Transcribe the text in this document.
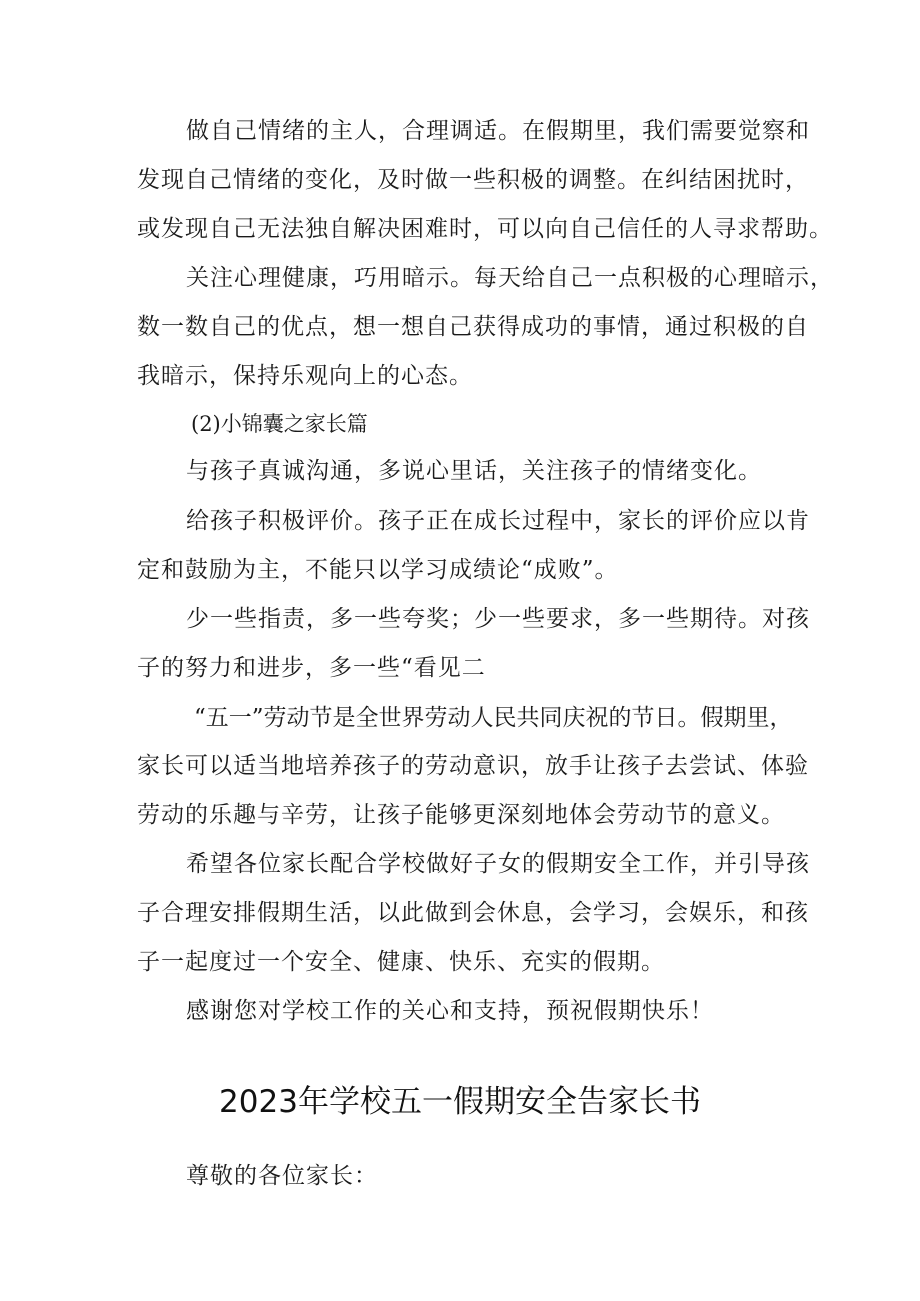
做自己情绪的主人，合理调适。在假期里，我们需要觉察和
发现自己情绪的变化，及时做一些积极的调整。在纠结困扰时，
或发现自己无法独自解决困难时，可以向自己信任的人寻求帮助。
关注心理健康，巧用暗示。每天给自己一点积极的心理暗示，
数一数自己的优点，想一想自己获得成功的事情，通过积极的自
我暗示，保持乐观向上的心态。
(2)小锦囊之家长篇
与孩子真诚沟通，多说心里话，关注孩子的情绪变化。
给孩子积极评价。孩子正在成长过程中，家长的评价应以肯
定和鼓励为主，不能只以学习成绩论“成败”。
少一些指责，多一些夸奖；少一些要求，多一些期待。对孩
子的努力和进步，多一些“看见二
“五一”劳动节是全世界劳动人民共同庆祝的节日。假期里，
家长可以适当地培养孩子的劳动意识，放手让孩子去尝试、体验
劳动的乐趣与辛劳，让孩子能够更深刻地体会劳动节的意义。
希望各位家长配合学校做好子女的假期安全工作，并引导孩
子合理安排假期生活，以此做到会休息，会学习，会娱乐，和孩
子一起度过一个安全、健康、快乐、充实的假期。
感谢您对学校工作的关心和支持，预祝假期快乐！
2023年学校五一假期安全告家长书
尊敬的各位家长：
